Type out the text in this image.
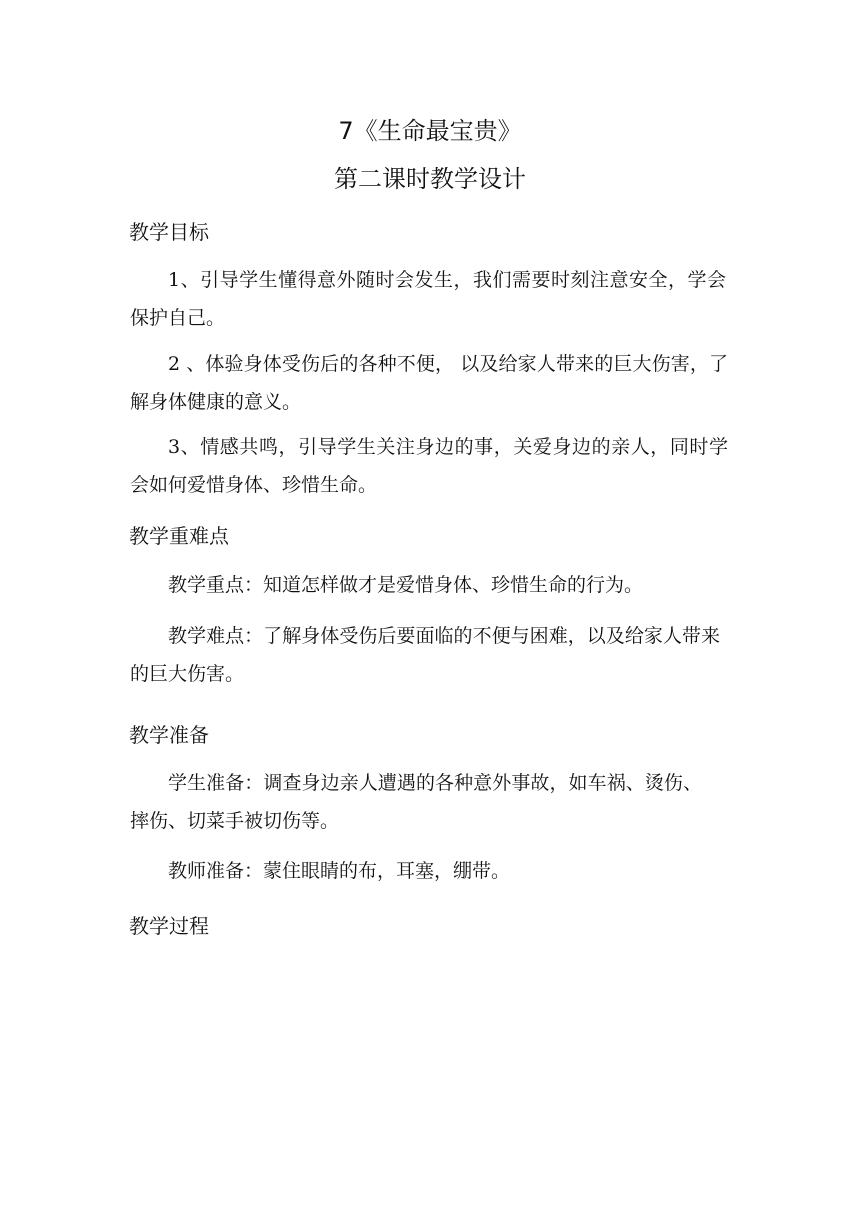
7《生命最宝贵》
第二课时教学设计
教学目标
1、引导学生懂得意外随时会发生，我们需要时刻注意安全，学会保护自己。
2 、体验身体受伤后的各种不便， 以及给家人带来的巨大伤害，了解身体健康的意义。
3、情感共鸣，引导学生关注身边的事，关爱身边的亲人，同时学会如何爱惜身体、珍惜生命。
教学重难点
教学重点：知道怎样做才是爱惜身体、珍惜生命的行为。
教学难点：了解身体受伤后要面临的不便与困难，以及给家人带来的巨大伤害。
教学准备
学生准备：调查身边亲人遭遇的各种意外事故，如车祸、烫伤、摔伤、切菜手被切伤等。
教师准备：蒙住眼睛的布，耳塞，绷带。
教学过程
